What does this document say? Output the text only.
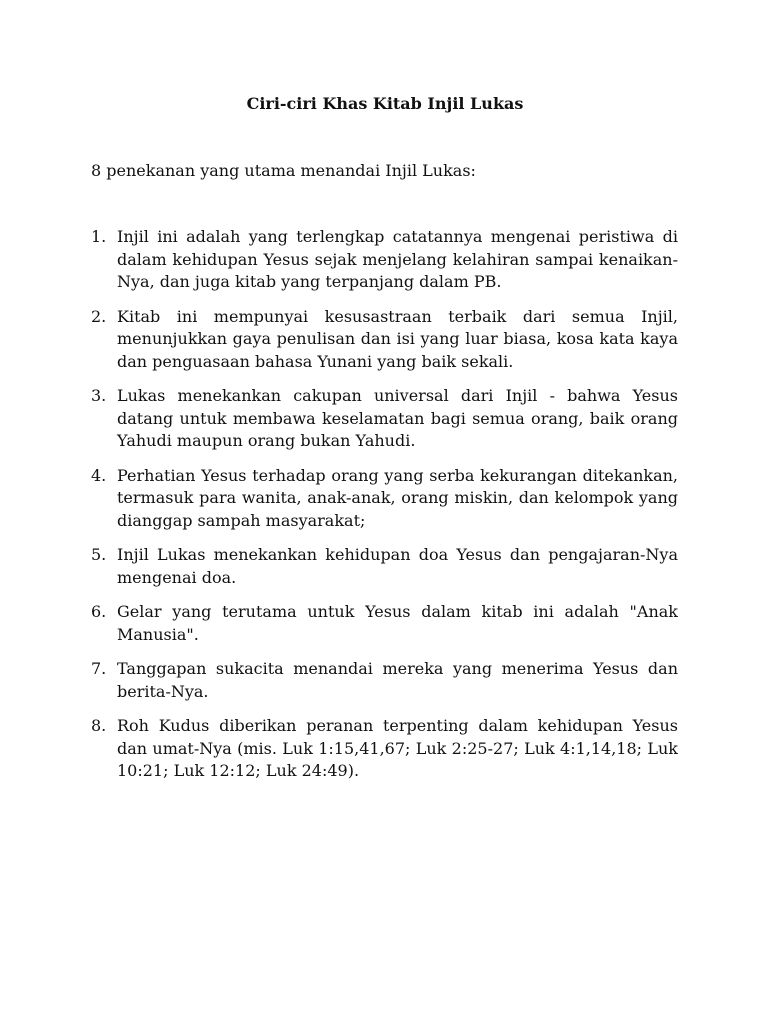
Ciri-ciri Khas Kitab Injil Lukas

8 penekanan yang utama menandai Injil Lukas:

1. Injil ini adalah yang terlengkap catatannya mengenai peristiwa di dalam kehidupan Yesus sejak menjelang kelahiran sampai kenaikan-Nya, dan juga kitab yang terpanjang dalam PB.
2. Kitab ini mempunyai kesusastraan terbaik dari semua Injil, menunjukkan gaya penulisan dan isi yang luar biasa, kosa kata kaya dan penguasaan bahasa Yunani yang baik sekali.
3. Lukas menekankan cakupan universal dari Injil - bahwa Yesus datang untuk membawa keselamatan bagi semua orang, baik orang Yahudi maupun orang bukan Yahudi.
4. Perhatian Yesus terhadap orang yang serba kekurangan ditekankan, termasuk para wanita, anak-anak, orang miskin, dan kelompok yang dianggap sampah masyarakat;
5. Injil Lukas menekankan kehidupan doa Yesus dan pengajaran-Nya mengenai doa.
6. Gelar yang terutama untuk Yesus dalam kitab ini adalah "Anak Manusia".
7. Tanggapan sukacita menandai mereka yang menerima Yesus dan berita-Nya.
8. Roh Kudus diberikan peranan terpenting dalam kehidupan Yesus dan umat-Nya (mis. Luk 1:15,41,67; Luk 2:25-27; Luk 4:1,14,18; Luk 10:21; Luk 12:12; Luk 24:49).
